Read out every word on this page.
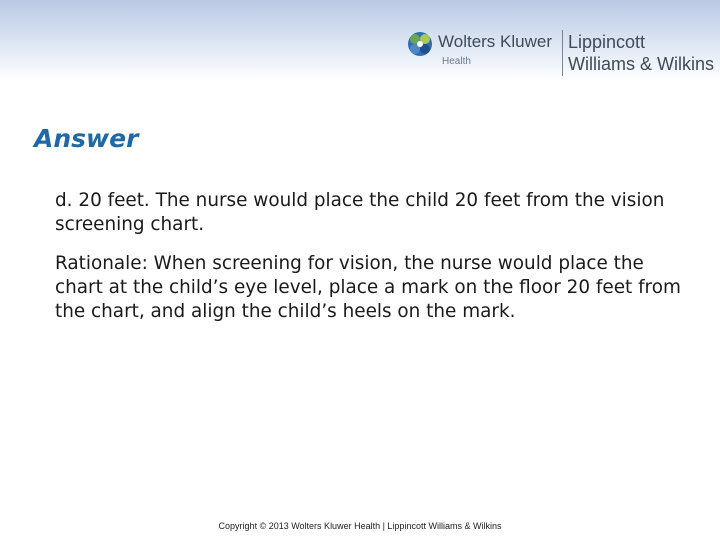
Wolters Kluwer
Health
Lippincott
Williams & Wilkins
Answer
d. 20 feet. The nurse would place the child 20 feet from the vision screening chart.
Rationale: When screening for vision, the nurse would place the chart at the child’s eye level, place a mark on the floor 20 feet from the chart, and align the child’s heels on the mark.
Copyright © 2013 Wolters Kluwer Health | Lippincott Williams & Wilkins
